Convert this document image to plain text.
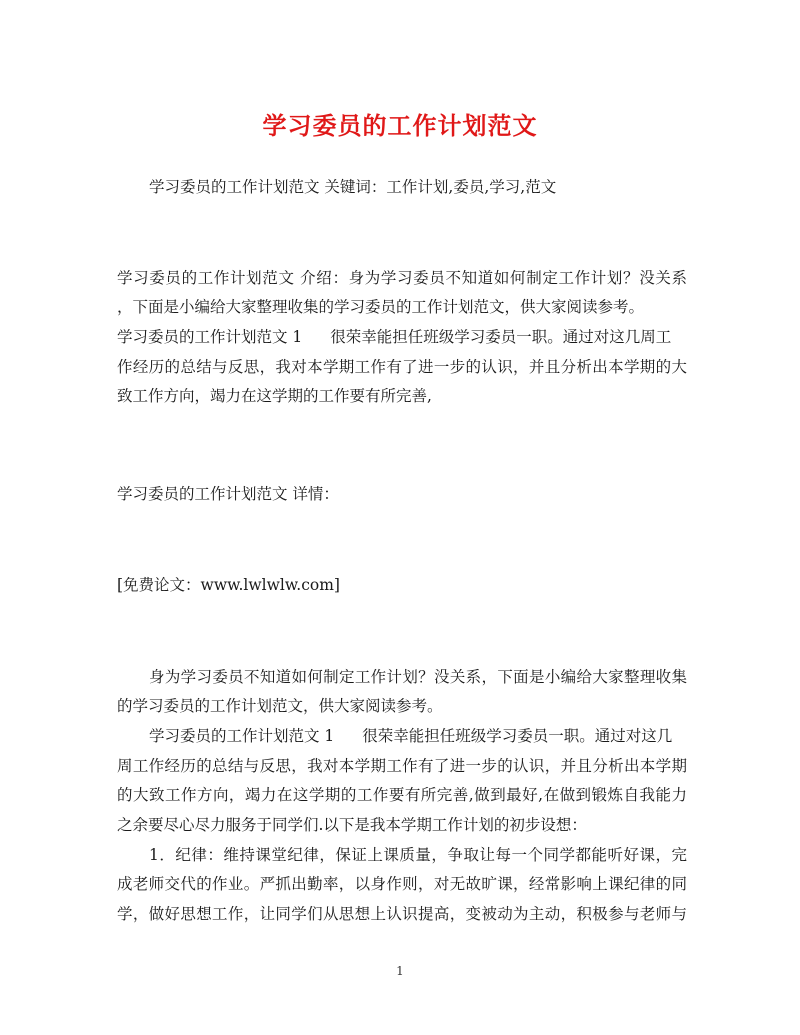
学习委员的工作计划范文
学习委员的工作计划范文 关键词：工作计划,委员,学习,范文
学习委员的工作计划范文 介绍：身为学习委员不知道如何制定工作计划？没关系
，下面是小编给大家整理收集的学习委员的工作计划范文，供大家阅读参考。
学习委员的工作计划范文 1 很荣幸能担任班级学习委员一职。通过对这几周工
作经历的总结与反思，我对本学期工作有了进一步的认识，并且分析出本学期的大
致工作方向，竭力在这学期的工作要有所完善,
学习委员的工作计划范文 详情：
[免费论文：www.lwlwlw.com]
身为学习委员不知道如何制定工作计划？没关系，下面是小编给大家整理收集
的学习委员的工作计划范文，供大家阅读参考。
学习委员的工作计划范文 1 很荣幸能担任班级学习委员一职。通过对这几
周工作经历的总结与反思，我对本学期工作有了进一步的认识，并且分析出本学期
的大致工作方向，竭力在这学期的工作要有所完善,做到最好,在做到锻炼自我能力
之余要尽心尽力服务于同学们.以下是我本学期工作计划的初步设想：
1．纪律：维持课堂纪律，保证上课质量，争取让每一个同学都能听好课，完
成老师交代的作业。严抓出勤率，以身作则，对无故旷课，经常影响上课纪律的同
学，做好思想工作，让同学们从思想上认识提高，变被动为主动，积极参与老师与
1
